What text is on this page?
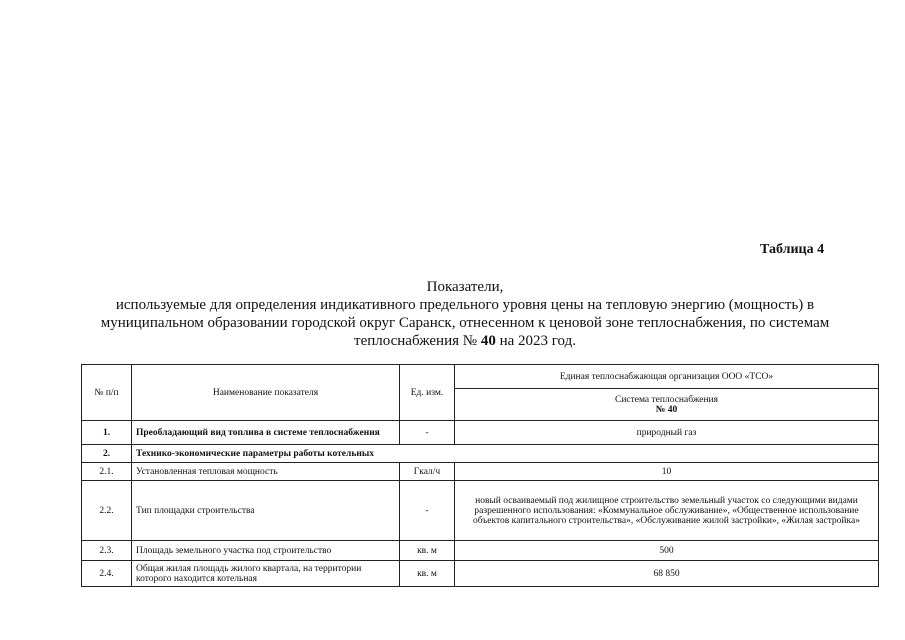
Таблица 4
Показатели,
используемые для определения индикативного предельного уровня цены на тепловую энергию (мощность) в
муниципальном образовании городской округ Саранск, отнесенном к ценовой зоне теплоснабжения, по системам
теплоснабжения № 40 на 2023 год.
№ п/п	Наименование показателя	Ед. изм.	Единая теплоснабжающая организация ООО «ТСО»

			Система теплоснабжения
№ 40

1.	Преобладающий вид топлива в системе теплоснабжения	-	природный газ
2.	Технико-экономические параметры работы котельных		
2.1.	Установленная тепловая мощность	Гкал/ч	10
2.2.	Тип площадки строительства	-	новый осваиваемый под жилищное строительство земельный участок со следующими видами разрешенного использования: «Коммунальное обслуживание», «Общественное использование объектов капитального строительства», «Обслуживание жилой застройки», «Жилая застройка»
2.3.	Площадь земельного участка под строительство	кв. м	500
2.4.	Общая жилая площадь жилого квартала, на территории которого находится котельная	кв. м	68 850
